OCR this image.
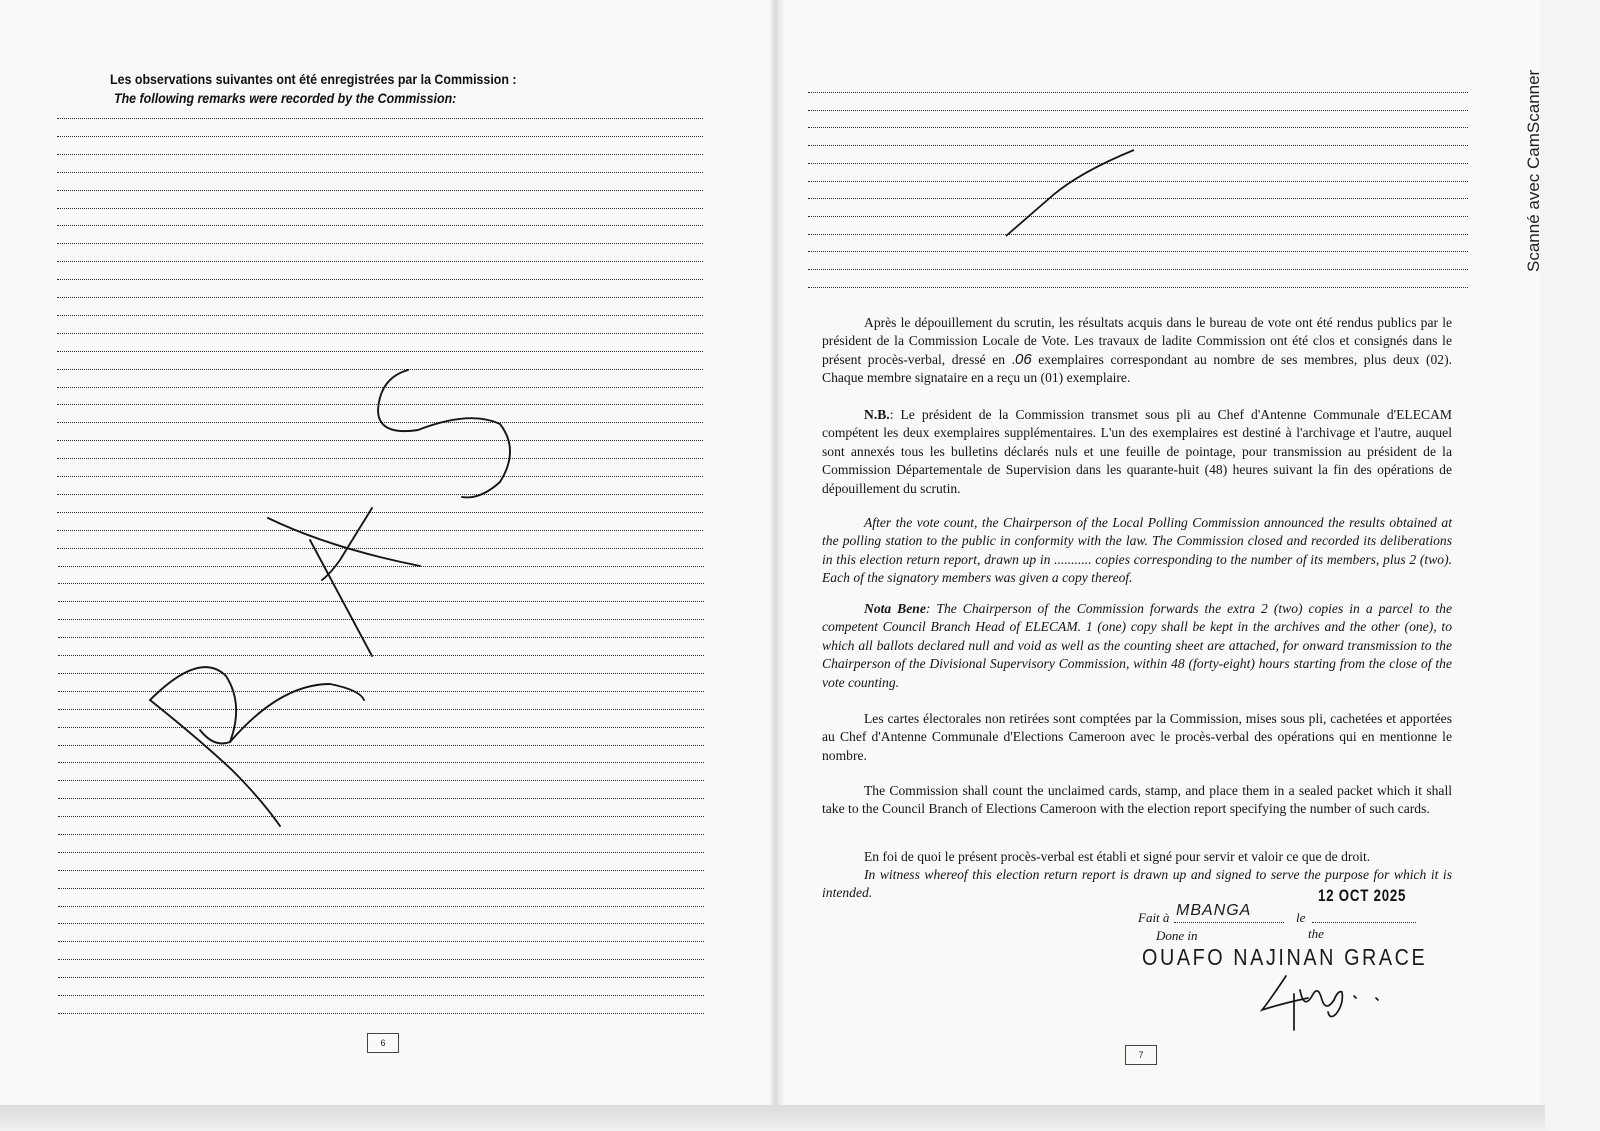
Les observations suivantes ont été enregistrées par la Commission :
The following remarks were recorded by the Commission:

Après le dépouillement du scrutin, les résultats acquis dans le bureau de vote ont été rendus publics par le président de la Commission Locale de Vote. Les travaux de ladite Commission ont été clos et consignés dans le présent procès-verbal, dressé en .06 exemplaires correspondant au nombre de ses membres, plus deux (02). Chaque membre signataire en a reçu un (01) exemplaire.

N.B.: Le président de la Commission transmet sous pli au Chef d'Antenne Communale d'ELECAM compétent les deux exemplaires supplémentaires. L'un des exemplaires est destiné à l'archivage et l'autre, auquel sont annexés tous les bulletins déclarés nuls et une feuille de pointage, pour transmission au président de la Commission Départementale de Supervision dans les quarante-huit (48) heures suivant la fin des opérations de dépouillement du scrutin.

After the vote count, the Chairperson of the Local Polling Commission announced the results obtained at the polling station to the public in conformity with the law. The Commission closed and recorded its deliberations in this election return report, drawn up in ........... copies corresponding to the number of its members, plus 2 (two). Each of the signatory members was given a copy thereof.

Nota Bene: The Chairperson of the Commission forwards the extra 2 (two) copies in a parcel to the competent Council Branch Head of ELECAM. 1 (one) copy shall be kept in the archives and the other (one), to which all ballots declared null and void as well as the counting sheet are attached, for onward transmission to the Chairperson of the Divisional Supervisory Commission, within 48 (forty-eight) hours starting from the close of the vote counting.

Les cartes électorales non retirées sont comptées par la Commission, mises sous pli, cachetées et apportées au Chef d'Antenne Communale d'Elections Cameroon avec le procès-verbal des opérations qui en mentionne le nombre.

The Commission shall count the unclaimed cards, stamp, and place them in a sealed packet which it shall take to the Council Branch of Elections Cameroon with the election report specifying the number of such cards.

En foi de quoi le présent procès-verbal est établi et signé pour servir et valoir ce que de droit.

In witness whereof this election return report is drawn up and signed to serve the purpose for which it is intended.

Fait à MBANGA	le
12 OCT 2025
Done in	the
OUAFO NAJINAN GRACE
6
7
Scanné avec CamScanner
